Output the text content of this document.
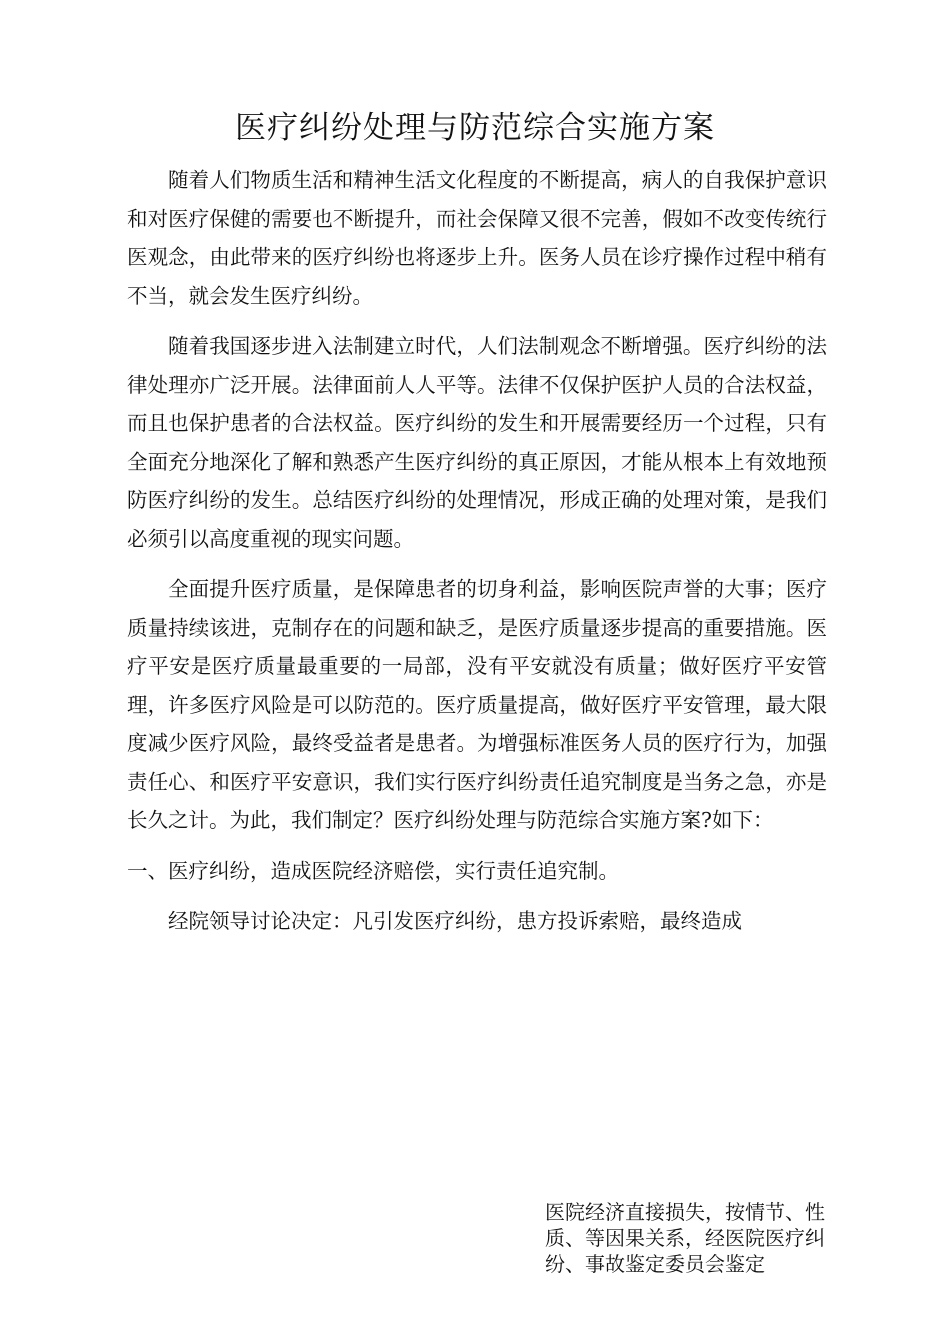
医疗纠纷处理与防范综合实施方案

随着人们物质生活和精神生活文化程度的不断提高，病人的自我保护意识和对医疗保健的需要也不断提升，而社会保障又很不完善，假如不改变传统行医观念，由此带来的医疗纠纷也将逐步上升。医务人员在诊疗操作过程中稍有不当，就会发生医疗纠纷。

随着我国逐步进入法制建立时代，人们法制观念不断增强。医疗纠纷的法律处理亦广泛开展。法律面前人人平等。法律不仅保护医护人员的合法权益，而且也保护患者的合法权益。医疗纠纷的发生和开展需要经历一个过程，只有全面充分地深化了解和熟悉产生医疗纠纷的真正原因，才能从根本上有效地预防医疗纠纷的发生。总结医疗纠纷的处理情况，形成正确的处理对策，是我们必须引以高度重视的现实问题。

全面提升医疗质量，是保障患者的切身利益，影响医院声誉的大事；医疗质量持续该进，克制存在的问题和缺乏，是医疗质量逐步提高的重要措施。医疗平安是医疗质量最重要的一局部，没有平安就没有质量；做好医疗平安管理，许多医疗风险是可以防范的。医疗质量提高，做好医疗平安管理，最大限度减少医疗风险，最终受益者是患者。为增强标准医务人员的医疗行为，加强责任心、和医疗平安意识，我们实行医疗纠纷责任追究制度是当务之急，亦是长久之计。为此，我们制定？医疗纠纷处理与防范综合实施方案?如下：

一、医疗纠纷，造成医院经济赔偿，实行责任追究制。

经院领导讨论决定：凡引发医疗纠纷，患方投诉索赔，最终造成

医院经济直接损失，按情节、性质、等因果关系，经医院医疗纠纷、事故鉴定委员会鉴定
